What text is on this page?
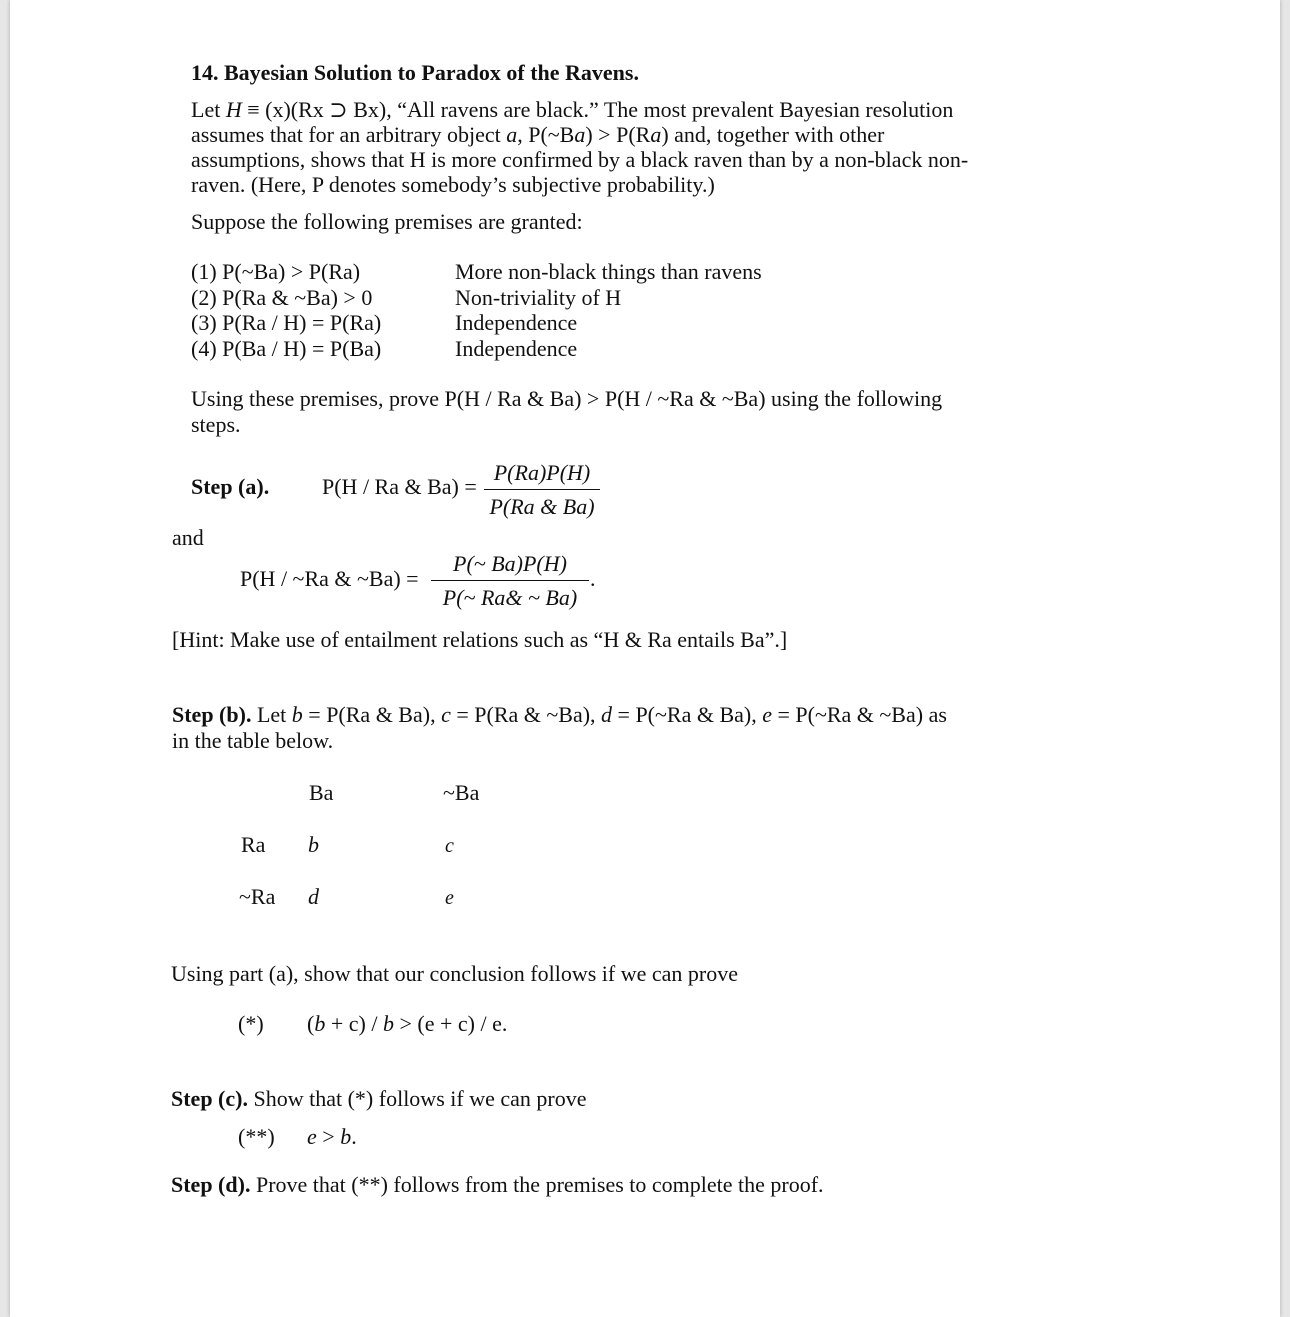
14. Bayesian Solution to Paradox of the Ravens.
Let H ≡ (x)(Rx ⊃ Bx), “All ravens are black.” The most prevalent Bayesian resolution
assumes that for an arbitrary object a, P(~Ba) > P(Ra) and, together with other
assumptions, shows that H is more confirmed by a black raven than by a non-black non-
raven. (Here, P denotes somebody’s subjective probability.)
Suppose the following premises are granted:
(1) P(~Ba) > P(Ra)	More non-black things than ravens
(2) P(Ra & ~Ba) > 0	Non-triviality of H
(3) P(Ra / H) = P(Ra)	Independence
(4) P(Ba / H) = P(Ba)	Independence
Using these premises, prove P(H / Ra & Ba) > P(H / ~Ra & ~Ba) using the following
steps.
Step (a). P(H / Ra & $Ba) = \frac{P(Ra)P(H)}{P(Ra \& Ba)}$
and
P(H / ~Ra & ~Ba) = $\frac{P(\sim Ba)P(H)}{P(\sim Ra\& \sim Ba)}$ .
[Hint: Make use of entailment relations such as “H & Ra entails Ba”.]
Step (b). Let b = P(Ra & Ba), c = P(Ra & ~Ba), d = P(~Ra & Ba), e = P(~Ra & ~Ba) as
in the table below.
Ba	~Ba
Ra b	c
~Ra d	e
Using part (a), show that our conclusion follows if we can prove
(*) (b + c) / b > (e + c) / e.
Step (c). Show that (*) follows if we can prove
(**) e > b.
Step (d). Prove that (**) follows from the premises to complete the proof.
